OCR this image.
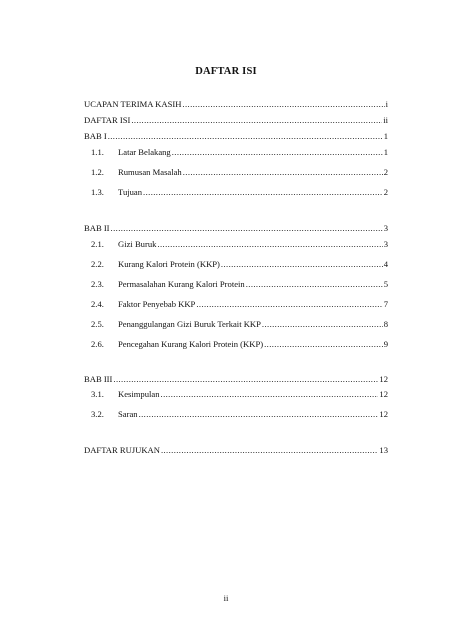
DAFTAR ISI
UCAPAN TERIMA KASIH .....	i
DAFTAR ISI .....	ii
BAB I .....	1
1.1.	Latar Belakang .....	1
1.2.	Rumusan Masalah .....	2
1.3.	Tujuan .....	2
BAB II .....	3
2.1.	Gizi Buruk .....	3
2.2.	Kurang Kalori Protein (KKP) .....	4
2.3.	Permasalahan Kurang Kalori Protein .....	5
2.4.	Faktor Penyebab KKP .....	7
2.5.	Penanggulangan Gizi Buruk Terkait KKP .....	8
2.6.	Pencegahan Kurang Kalori Protein (KKP) .....	9
BAB III .....	12
3.1.	Kesimpulan .....	12
3.2.	Saran .....	12
DAFTAR RUJUKAN .....	13
ii
